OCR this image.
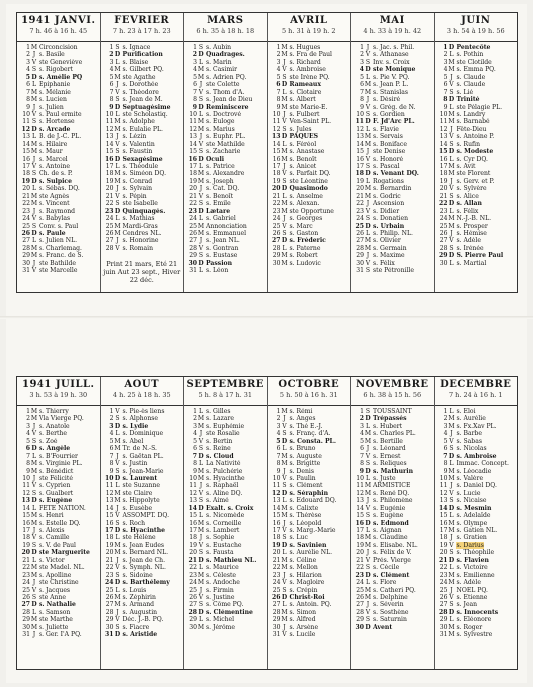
1941 JANVI.
7 h. 46 à 16 h. 45
1M Circoncision
2 J s. Basile
3 V ste Geneviève
4 S s. Rigobert
5D s. Amélie PQ
6 L Epiphanie
7M s. Mélanie
8M s. Lucien
9 J s. Julien
10 V s. Paul ermite
11 S s. Hortense
12D s. Arcade
13 L B. de J.-C. PL.
14M s. Hilaire
15M s. Maur
16 J s. Marcel
17 V s. Antoine
18 S Ch. de s. P.
19D s. Sulpice
20 L s. Sébas. DQ.
21M ste Agnès
22M s. Vincent
23 J s. Raymond
24 V s. Babylas
25 S Conv. s. Paul
26D s. Paule
27 L s. Julien NL.
28M s. Charlemag.
29M s. Franc. de S.
30 J ste Bathilde
31 V ste Marcelle
FEVRIER
7 h. 23 à 17 h. 23
1 S s. Ignace
2D Purification
3 L s. Blaise
4M s. Gilbert PQ.
5M ste Agathe
6 J s. Dorothée
7 V s. Théodore
8 S s. Jean de M.
9D Septuagésime
10 L ste Scholastiq.
11M s. Adolphe
12M s. Eulalie PL.
13 J s. Lézin
14 V s. Valentin
15 S s. Faustin
16D Sexagésime
17 L s. Théodule
18M s. Siméon DQ.
19M s. Conrad
20 J s. Sylvain
21 V s. Pépin
22 S ste Isabelle
23D Quinquagés.
24 L s. Mathias
25M Mardi-Gras
26M Cendres NL.
27 J s. Honorine
28 V s. Romain
Print 21 mars, Eté 21 juin Aut 23 sept., Hiver 22 déc.
MARS
6 h. 35 à 18 h. 18
1 S s. Aubin
2D Quadrages.
3 L s. Marin
4M s. Casimir
5M s. Adrien PQ.
6 J ste Colette
7 V s. Thom d'A.
8 S s. Jean de Dieu
9D Reminiscere
10 L s. Doctrové
11M s. Euloge
12M s. Marius
13 J s. Euphr. PL.
14 V ste Mathilde
15 S s. Zacharie
16D Oculi
17 L s. Patrice
18M s. Alexandre
19M s. Joseph
20 J s. Cat. DQ.
21 V s. Benoît
22 S s. Emile
23D Lætare
24 L s. Gabriel
25M Annonciation
26M s. Emmanuel
27 J s. Jean NL.
28 V s. Gontran
29 S s. Eustase
30D Passion
31 L s. Léon
AVRIL
5 h. 31 à 19 h. 2
1M s. Hugues
2M s. Fra de Paul
3 J s. Richard
4 V s. Ambroise
5 S ste Irène PQ.
6D Rameaux
7 L s. Clotaire
8M s. Albert
9M ste Marie-E.
10 J s. Fulbert
11 V Ven-Saint PL.
12 S s. Jules
13D PAQUES
14 L s. Féréol
15M s. Anastase
16M s. Benoît
17 J s. Anicet
18 V s. Parfait DQ.
19 S ste Léontine
20D Quasimodo
21 L s. Anselme
22M s. Alexan.
23M ste Opportune
24 J s. Georges
25 V s. Marc
26 S s. Gaston
27D s. Fréderic
28 L s. Paterne
29M s. Robert
30M s. Ludovic
MAI
4 h. 33 à 19 h. 42
1 J s. Jac. s. Phil.
2 V s. Athanase
3 S Inv. s. Croix
4D ste Monique
5 L s. Pie V. PQ.
6M s. Jean P. L.
7M s. Stanislas
8 J s. Désiré
9 V s. Grég. de N.
10 S s. Gordien
11D F. Jd'Arc PL.
12 L s. Flavie
13M s. Servais
14M s. Boniface
15 J ste Denise
16 V s. Honoré
17 S s. Pascal
18D s. Venant DQ.
19 L Rogations
20M s. Bernardin
21M s. Godric
22 J Ascension
23 V s. Didier
24 S s. Donatien
25D s. Urbain
26 L s. Philip. NL.
27M s. Olivier
28M s. Germain
29 J s. Maxime
30 V s. Félix
31 S ste Pétronille
JUIN
3 h. 54 à 19 h. 56
1D Pentecôte
2 L s. Pothin
3M ste Clotilde
4M s. Emma PQ.
5 J s. Claude
6 V s. Claude
7 S s. Lié
8D Trinité
9 L ste Pélagie PL.
10M s. Landry
11M s. Barnabé
12 J Fête-Dieu
13 V s. Antoine P.
14 S s. Rufin
15D s. Modeste
16 L s. Cyr DQ.
17M s. Avit
18M ste Florent
19 J s. Gerv. et P.
20 V s. Sylvère
21 S s. Alice
22D s. Allan
23 L s. Félix
24M N.-J.-B. NL.
25M s. Prosper
26 J s. Hémise
27 V s. Adèle
28 S s. Irénée
29D S. Pierre Paul
30 L s. Martial
1941 JUILL.
3 h. 53 à 19 h. 30
1M s. Thierry
2M Vla Vierge PQ.
3 J s. Anatole
4 V s. Berthe
5 S s. Zoé
6D s. Angèle
7 L s. B'Fourrier
8M s. Virginie PL.
9M s. Bénédict
10 J ste Félicité
11 V s. Cyprien
12 S s. Gualbert
13D s. Eugène
14 L FETE NATION.
15M s. Henri
16M s. Estelle DQ.
17 J s. Alexis
18 V s. Camille
19 S s. V. de Paul
20D ste Marguerite
21 L s. Victor
22M ste Madel. NL.
23M s. Apolline
24 J ste Christine
25 V s. Jacques
26 S ste Anne
27D s. Nathalie
28 L s. Samson
29M ste Marthe
30M s. Juliette
31 J s. Ger. I'A PQ.
AOUT
4 h. 25 à 18 h. 35
1 V s. Pie-ès liens
2 S s. Alphonse
3D s. Lydie
4 L s. Dominique
5M s. Abel
6M Tr. de N.-S.
7 J s. Gaëtan PL.
8 V s. Justin
9 S s. Jean-Marie
10D s. Laurent
11 L ste Suzanne
12M ste Claire
13M s. Hippolyte
14 J s. Eusèbe
15 V ASSOMPT. DQ.
16 S s. Roch
17D s. Hyacinthe
18 L ste Hélène
19M s. Jean Eudes
20M s. Bernard NL.
21 J s. Jean de Ch.
22 V s. Symph. NL.
23 S s. Sidoine
24D s. Barthélemy
25 L s. Louis
26M s. Zéphirin
27M s. Armand
28 J s. Augustin
29 V Déc. J.-B. PQ.
30 S s. Fiacre
31D s. Aristide
SEPTEMBRE
5 h. 8 à 17 h. 31
1 L s. Gilles
2M s. Lazare
3M s. Euphémie
4 J ste Rosalie
5 V s. Bertin
6 S s. Reine
7D s. Cloud
8 L La Nativité
9M s. Pulchérie
10M s. Hyacinthe
11 J s. Raphaël
12 V s. Aline DQ.
13 S s. Aimé
14D Exalt. s. Croix
15 L s. Nicomède
16M s. Corneille
17M s. Lambert
18 J s. Sophie
19 V s. Eustache
20 S s. Fausta
21D s. Mathieu NL.
22 L s. Maurice
23M s. Céleste
24M s. Andoche
25 J s. Firmin
26 V s. Justine
27 S s. Côme PQ.
28D s. Clémentine
29 L s. Michel
30M s. Jérôme
OCTOBRE
5 h. 50 à 16 h. 31
1M s. Rémi
2 J s. Anges
3 V s. Thé E.-J.
4 S s. Franç. d'A.
5D s. Consta. PL.
6 L s. Bruno
7M s. Auguste
8M s. Brigitte
9 J s. Denis
10 V s. Paulin
11 S s. Clément
12D s. Séraphin
13 L s. Edouard DQ.
14M s. Calixte
15M s. Thérèse
16 J s. Léopold
17 V s. Marg.-Marie
18 S s. Luc
19D s. Savinien
20 L s. Aurélie NL.
21M s. Céline
22M s. Mellon
23 J s. Hilarion
24 V s. Magloire
25 S s. Crépin
26D Christ-Roi
27 L s. Antoin. PQ.
28M s. Simon
29M s. Alfred
30 J s. Arsène
31 V s. Lucile
NOVEMBRE
6 h. 38 à 15 h. 56
1 S TOUSSAINT
2D Trépassés
3 L s. Hubert
4M s. Charles PL.
5M s. Bertille
6 J s. Léonard
7 V s. Ernest
8 S s. Reliques
9D s. Mathurin
10 L s. Juste
11M ARMISTICE
12M s. René DQ.
13 J s. Philomène
14 V s. Eugénie
15 S s. Eugène
16D s. Edmond
17 L s. Aignan
18M s. Claudine
19M s. Elisabe. NL.
20 J s. Félix de V.
21 V Prés. Vierge
22 S s. Cécile
23D s. Clément
24 L s. Flore
25M s. Catheri PQ.
26M s. Delphine
27 J s. Séverin
28 V s. Sosthène
29 S s. Saturnin
30D Avent
DECEMBRE
7 h. 24 à 16 h. 1
1 L s. Eloi
2M s. Aurélie
3M s. Fx.Xav PL.
4 J s. Barbe
5 V s. Sabas
6 S s. Nicolas
7D s. Ambroise
8 L Immac. Concept.
9M s. Léocadie
10M s. Valère
11 J s. Daniel DQ.
12 V s. Lucie
13 S s. Nicaise
14D s. Mesmin
15 L s. Adelaïde
16M s. Olympe
17M s. Gatien NL.
18 J s. Gratien
19 V s. Darius
20 S s. Théophile
21D s. Flavien
22 L s. Victoire
23M s. Emilienne
24M s. Adèle
25 J NOËL PQ.
26 V s. Etienne
27 S s. Jean
28D s. Innocents
29 L s. Eléonore
30M s. Roger
31M s. Sylvestre
